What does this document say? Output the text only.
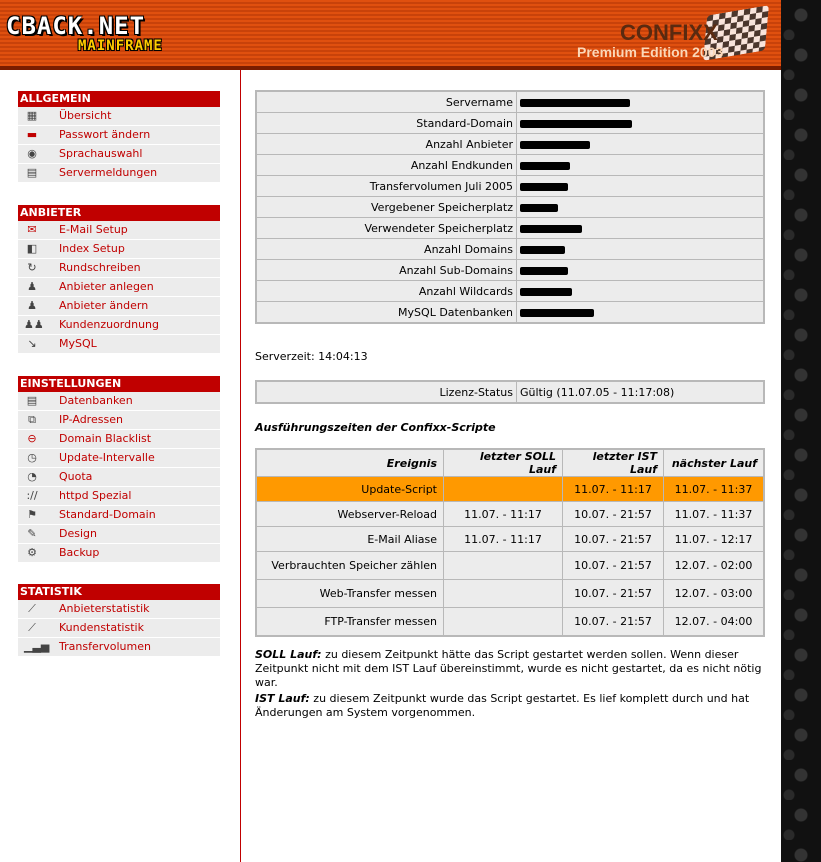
CBACK.NET
MAINFRAME
CONFIXX
Premium Edition 2003
ALLGEMEIN
▦ Übersicht
▬ Passwort ändern
◉ Sprachauswahl
▤ Servermeldungen
ANBIETER
✉	E-Mail Setup
◧ Index Setup
↻	Rundschreiben
♟ Anbieter anlegen
♟ Anbieter ändern
♟♟ Kundenzuordnung
↘	MySQL
EINSTELLUNGEN
▤ Datenbanken
⧉	IP-Adressen
⊖	Domain Blacklist
◷ Update-Intervalle
◔ Quota
:// httpd Spezial
⚑ Standard-Domain
✎	Design
⚙ Backup
STATISTIK
⟋	Anbieterstatistik
⟋	Kundenstatistik
▁▃▅ Transfervolumen
Servername	
Standard-Domain	
Anzahl Anbieter	
Anzahl Endkunden	
Transfervolumen Juli 2005	
Vergebener Speicherplatz	
Verwendeter Speicherplatz	
Anzahl Domains	
Anzahl Sub-Domains	
Anzahl Wildcards	
MySQL Datenbanken	
Serverzeit: 14:04:13
Lizenz-Status	Gültig (11.07.05 - 11:17:08)
Ausführungszeiten der Confixx-Scripte
Ereignis	letzter SOLL Lauf	letzter IST Lauf	nächster Lauf
Update-Script		11.07. - 11:17	11.07. - 11:37
Webserver-Reload	11.07. - 11:17	10.07. - 21:57	11.07. - 11:37
E-Mail Aliase	11.07. - 11:17	10.07. - 21:57	11.07. - 12:17
Verbrauchten Speicher zählen		10.07. - 21:57	12.07. - 02:00
Web-Transfer messen		10.07. - 21:57	12.07. - 03:00
FTP-Transfer messen		10.07. - 21:57	12.07. - 04:00
SOLL Lauf: zu diesem Zeitpunkt hätte das Script gestartet werden sollen. Wenn dieser Zeitpunkt nicht mit dem IST Lauf übereinstimmt, wurde es nicht gestartet, da es nicht nötig war.
IST Lauf: zu diesem Zeitpunkt wurde das Script gestartet. Es lief komplett durch und hat Änderungen am System vorgenommen.
